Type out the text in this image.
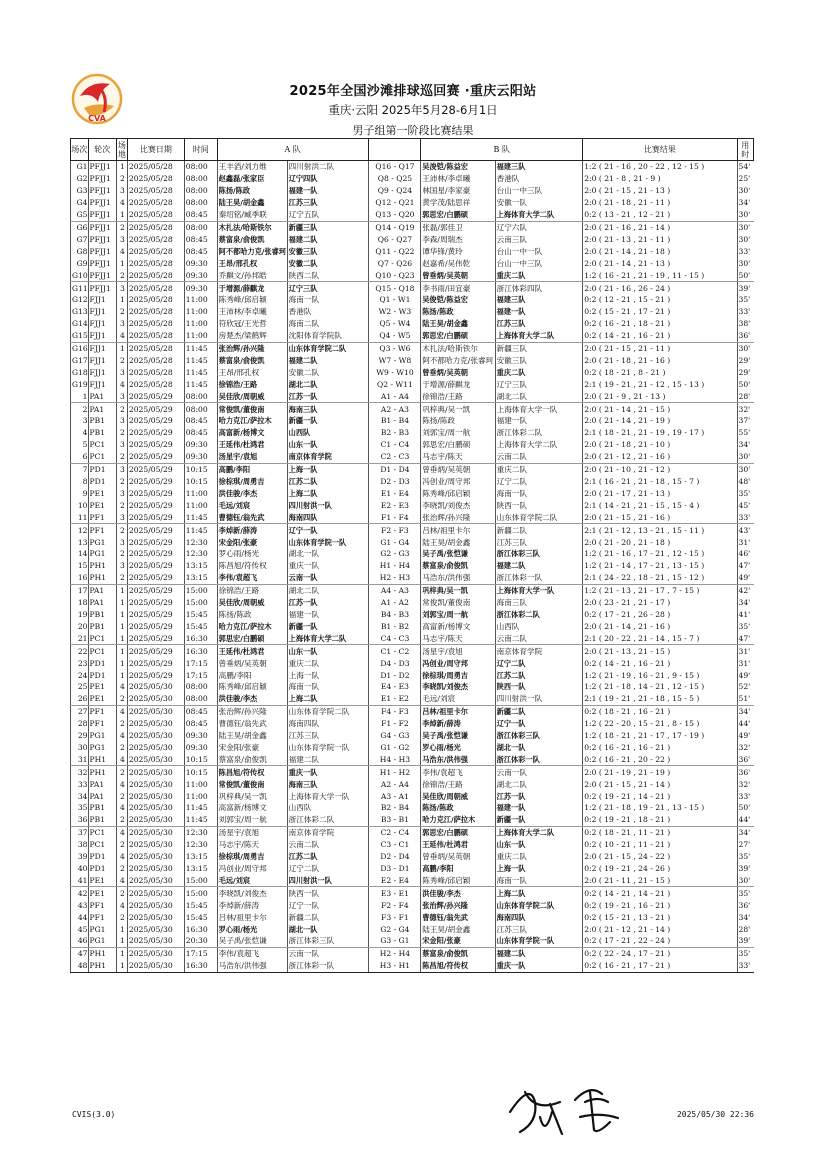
CVA
2025年全国沙滩排球巡回赛 ·重庆云阳站
重庆·云阳 2025年5月28-6月1日
男子组第一阶段比赛结果
场次	轮次	场地	比赛日期	时间	A 队			B 队		比赛结果	用时
G1	PFJJ1	1	2025/05/28	08:00	王丰滔/刘力维	四川射洪二队	Q16 - Q17	吴浚铠/陈益宏	福建三队	1:2 ( 21 - 16 , 20 - 22 , 12 - 15 )	54'
G2	PFJJ1	2	2025/05/28	08:00	赵鑫磊/张家臣	辽宁四队	Q8 - Q25	王沛林/李卓曦	香港队	2:0 ( 21 - 8 , 21 - 9 )	25'
G3	PFJJ1	3	2025/05/28	08:00	陈扬/陈政	福建一队	Q9 - Q24	林国星/李家豪	台山一中三队	2:0 ( 21 - 15 , 21 - 13 )	30'
G4	PFJJ1	4	2025/05/28	08:00	陆王昊/胡金鑫	江苏三队	Q12 - Q21	黄学茂/陆思祥	安徽一队	2:0 ( 21 - 18 , 21 - 11 )	34'
G5	PFJJ1	1	2025/05/28	08:45	秦绍铭/臧季联	辽宁五队	Q13 - Q20	郭思宏/白鹏硕	上海体育大学二队	0:2 ( 13 - 21 , 12 - 21 )	30'
G6	PFJJ1	2	2025/05/28	08:00	木扎法/哈斯铁尔	新疆三队	Q14 - Q19	张磊/郭佳卫	辽宁六队	2:0 ( 21 - 16 , 21 - 14 )	30'
G7	PFJJ1	3	2025/05/28	08:45	蔡富泉/俞俊凯	福建二队	Q6 - Q27	李森/周瑞杰	云南三队	2:0 ( 21 - 13 , 21 - 11 )	30'
G8	PFJJ1	4	2025/05/28	08:45	阿不都哈力克/张睿珂	安徽三队	Q11 - Q22	谭华锋/黄玲	台山一中一队	2:0 ( 21 - 14 , 21 - 18 )	33'
G9	PFJJ1	1	2025/05/28	09:30	王昂/邢孔权	安徽二队	Q7 - Q26	赵嘉希/吴伟乾	台山一中三队	2:0 ( 21 - 14 , 21 - 13 )	30'
G10	PFJJ1	2	2025/05/28	09:30	乔麒文/孙邦皓	陕西二队	Q10 - Q23	曾垂炳/吴英朝	重庆二队	1:2 ( 16 - 21 , 21 - 19 , 11 - 15 )	50'
G11	PFJJ1	3	2025/05/28	09:30	于增源/薛麒龙	辽宁三队	Q15 - Q18	李书雨/田宜豪	浙江体彩四队	2:0 ( 21 - 16 , 26 - 24 )	39'
G12	FJJ1	1	2025/05/28	11:00	陈秀峰/邱启颖	海南一队	Q1 - W1	吴俊铠/陈益宏	福建三队	0:2 ( 12 - 21 , 15 - 21 )	35'
G13	FJJ1	2	2025/05/28	11:00	王沛林/李卓曦	香港队	W2 - W3	陈扬/陈政	福建一队	0:2 ( 15 - 21 , 17 - 21 )	33'
G14	FJJ1	3	2025/05/28	11:00	符欣冠/王光哲	海南二队	Q5 - W4	陆王昊/胡金鑫	江苏三队	0:2 ( 16 - 21 , 18 - 21 )	38'
G15	FJJ1	4	2025/05/28	11:00	房楚杰/梁鹤辉	沈阳体育学院队	Q4 - W5	郭思宏/白鹏硕	上海体育大学二队	0:2 ( 14 - 21 , 16 - 21 )	36'
G16	FJJ1	1	2025/05/28	11:45	张治辉/孙兴隆	山东体育学院二队	Q3 - W6	木扎法/哈斯铁尔	新疆三队	2:0 ( 21 - 15 , 21 - 11 )	30'
G17	FJJ1	2	2025/05/28	11:45	蔡富泉/俞俊凯	福建二队	W7 - W8	阿不都哈力克/张睿珂	安徽三队	2:0 ( 21 - 18 , 21 - 16 )	29'
G18	FJJ1	3	2025/05/28	11:45	王昂/邢孔权	安徽二队	W9 - W10	曾垂炳/吴英朝	重庆二队	0:2 ( 18 - 21 , 8 - 21 )	29'
G19	FJJ1	4	2025/05/28	11:45	徐锦浩/王路	湖北二队	Q2 - W11	于增源/薛麒龙	辽宁三队	2:1 ( 19 - 21 , 21 - 12 , 15 - 13 )	50'
1	PA1	3	2025/05/29	08:00	吴佳欣/周朝威	江苏一队	A1 - A4	徐锦浩/王路	湖北二队	2:0 ( 21 - 9 , 21 - 13 )	28'
2	PA1	2	2025/05/29	08:00	常俊凯/董俊南	海南三队	A2 - A3	巩梓典/吴一凯	上海体育大学一队	2:0 ( 21 - 14 , 21 - 15 )	32'
3	PB1	3	2025/05/29	08:45	哈力克江/萨拉木	新疆一队	B1 - B4	陈扬/陈政	福建一队	2:0 ( 21 - 14 , 21 - 19 )	37'
4	PB1	2	2025/05/29	08:45	高富新/杨博文	山西队	B2 - B3	刘郭宝/周一航	浙江体彩二队	2:1 ( 18 - 21 , 21 - 19 , 19 - 17 )	55'
5	PC1	3	2025/05/29	09:30	王延伟/杜鸿君	山东一队	C1 - C4	郭思宏/白鹏硕	上海体育大学二队	2:0 ( 21 - 18 , 21 - 10 )	34'
6	PC1	2	2025/05/29	09:30	汤星宇/袁旭	南京体育学院	C2 - C3	马志宇/陈天	云南二队	2:0 ( 21 - 12 , 21 - 16 )	30'
7	PD1	3	2025/05/29	10:15	高鹏/李阳	上海一队	D1 - D4	曾垂炳/吴英朝	重庆二队	2:0 ( 21 - 10 , 21 - 12 )	30'
8	PD1	2	2025/05/29	10:15	徐棕琪/周勇吉	江苏二队	D2 - D3	冯创业/周守邦	辽宁二队	2:1 ( 16 - 21 , 21 - 18 , 15 - 7 )	48'
9	PE1	3	2025/05/29	11:00	洪佳骏/李杰	上海二队	E1 - E4	陈秀峰/邱启颖	海南一队	2:0 ( 21 - 17 , 21 - 13 )	35'
10	PE1	2	2025/05/29	11:00	毛远/刘宸	四川射洪一队	E2 - E3	李晓凯/刘俊杰	陕西一队	2:1 ( 14 - 21 , 21 - 15 , 15 - 4 )	45'
11	PF1	3	2025/05/29	11:45	曹德钰/翁先武	海南四队	F1 - F4	张治辉/孙兴隆	山东体育学院二队	2:0 ( 21 - 15 , 21 - 16 )	33'
12	PF1	2	2025/05/29	11:45	李焯新/薛涛	辽宁一队	F2 - F3	吕林/祖里卡尔	新疆二队	2:1 ( 21 - 12 , 13 - 21 , 15 - 11 )	43'
13	PG1	3	2025/05/29	12:30	宋金阳/张豪	山东体育学院一队	G1 - G4	陆王昊/胡金鑫	江苏三队	2:0 ( 21 - 20 , 21 - 18 )	31'
14	PG1	2	2025/05/29	12:30	罗心雨/杨光	湖北一队	G2 - G3	吴子禹/张恺谦	浙江体彩三队	1:2 ( 21 - 16 , 17 - 21 , 12 - 15 )	46'
15	PH1	3	2025/05/29	13:15	陈昌旭/符传权	重庆一队	H1 - H4	蔡富泉/俞俊凯	福建二队	1:2 ( 21 - 14 , 17 - 21 , 13 - 15 )	47'
16	PH1	2	2025/05/29	13:15	李伟/袁超飞	云南一队	H2 - H3	马浩东/洪伟强	浙江体彩一队	2:1 ( 24 - 22 , 18 - 21 , 15 - 12 )	49'
17	PA1	1	2025/05/29	15:00	徐锦浩/王路	湖北二队	A4 - A3	巩梓典/吴一凯	上海体育大学一队	1:2 ( 21 - 13 , 21 - 17 , 7 - 15 )	42'
18	PA1	1	2025/05/29	15:00	吴佳欣/周朝威	江苏一队	A1 - A2	常俊凯/董俊南	海南三队	2:0 ( 23 - 21 , 21 - 17 )	34'
19	PB1	1	2025/05/29	15:45	陈扬/陈政	福建一队	B4 - B3	刘郭宝/周一航	浙江体彩二队	0:2 ( 17 - 21 , 26 - 28 )	41'
20	PB1	1	2025/05/29	15:45	哈力克江/萨拉木	新疆一队	B1 - B2	高富新/杨博文	山西队	2:0 ( 21 - 14 , 21 - 16 )	35'
21	PC1	1	2025/05/29	16:30	郭思宏/白鹏硕	上海体育大学二队	C4 - C3	马志宇/陈天	云南二队	2:1 ( 20 - 22 , 21 - 14 , 15 - 7 )	47'
22	PC1	1	2025/05/29	16:30	王延伟/杜鸿君	山东一队	C1 - C2	汤星宇/袁旭	南京体育学院	2:0 ( 21 - 13 , 21 - 15 )	31'
23	PD1	1	2025/05/29	17:15	曾垂炳/吴英朝	重庆二队	D4 - D3	冯创业/周守邦	辽宁二队	0:2 ( 14 - 21 , 16 - 21 )	31'
24	PD1	1	2025/05/29	17:15	高鹏/李阳	上海一队	D1 - D2	徐棕琪/周勇吉	江苏二队	1:2 ( 21 - 19 , 16 - 21 , 9 - 15 )	49'
25	PE1	4	2025/05/30	08:00	陈秀峰/邱启颖	海南一队	E4 - E3	李晓凯/刘俊杰	陕西一队	1:2 ( 21 - 18 , 14 - 21 , 12 - 15 )	52'
26	PE1	2	2025/05/30	08:00	洪佳骏/李杰	上海二队	E1 - E2	毛远/刘宸	四川射洪一队	2:1 ( 19 - 21 , 21 - 18 , 15 - 5 )	51'
27	PF1	4	2025/05/30	08:45	张治辉/孙兴隆	山东体育学院二队	F4 - F3	吕林/祖里卡尔	新疆二队	0:2 ( 18 - 21 , 16 - 21 )	34'
28	PF1	2	2025/05/30	08:45	曹德钰/翁先武	海南四队	F1 - F2	李焯新/薛涛	辽宁一队	1:2 ( 22 - 20 , 15 - 21 , 8 - 15 )	44'
29	PG1	4	2025/05/30	09:30	陆王昊/胡金鑫	江苏三队	G4 - G3	吴子禹/张恺谦	浙江体彩三队	1:2 ( 18 - 21 , 21 - 17 , 17 - 19 )	49'
30	PG1	2	2025/05/30	09:30	宋金阳/张豪	山东体育学院一队	G1 - G2	罗心雨/杨光	湖北一队	0:2 ( 16 - 21 , 16 - 21 )	32'
31	PH1	4	2025/05/30	10:15	蔡富泉/俞俊凯	福建二队	H4 - H3	马浩东/洪伟强	浙江体彩一队	0:2 ( 16 - 21 , 20 - 22 )	36'
32	PH1	2	2025/05/30	10:15	陈昌旭/符传权	重庆一队	H1 - H2	李伟/袁超飞	云南一队	2:0 ( 21 - 19 , 21 - 19 )	36'
33	PA1	4	2025/05/30	11:00	常俊凯/董俊南	海南三队	A2 - A4	徐锦浩/王路	湖北二队	2:0 ( 21 - 15 , 21 - 14 )	32'
34	PA1	2	2025/05/30	11:00	巩梓典/吴一凯	上海体育大学一队	A3 - A1	吴佳欣/周朝威	江苏一队	0:2 ( 19 - 21 , 14 - 21 )	33'
35	PB1	4	2025/05/30	11:45	高富新/杨博文	山西队	B2 - B4	陈扬/陈政	福建一队	1:2 ( 21 - 18 , 19 - 21 , 13 - 15 )	50'
36	PB1	2	2025/05/30	11:45	刘郭宝/周一航	浙江体彩二队	B3 - B1	哈力克江/萨拉木	新疆一队	0:2 ( 19 - 21 , 18 - 21 )	44'
37	PC1	4	2025/05/30	12:30	汤星宇/袁旭	南京体育学院	C2 - C4	郭思宏/白鹏硕	上海体育大学二队	0:2 ( 18 - 21 , 11 - 21 )	34'
38	PC1	2	2025/05/30	12:30	马志宇/陈天	云南二队	C3 - C1	王延伟/杜鸿君	山东一队	0:2 ( 10 - 21 , 11 - 21 )	27'
39	PD1	4	2025/05/30	13:15	徐棕琪/周勇吉	江苏二队	D2 - D4	曾垂炳/吴英朝	重庆二队	2:0 ( 21 - 15 , 24 - 22 )	35'
40	PD1	2	2025/05/30	13:15	冯创业/周守邦	辽宁二队	D3 - D1	高鹏/李阳	上海一队	0:2 ( 19 - 21 , 24 - 26 )	39'
41	PE1	4	2025/05/30	15:00	毛远/刘宸	四川射洪一队	E2 - E4	陈秀峰/邱启颖	海南一队	2:0 ( 21 - 11 , 21 - 15 )	30'
42	PE1	2	2025/05/30	15:00	李晓凯/刘俊杰	陕西一队	E3 - E1	洪佳骏/李杰	上海二队	0:2 ( 14 - 21 , 14 - 21 )	35'
43	PF1	4	2025/05/30	15:45	李焯新/薛涛	辽宁一队	F2 - F4	张治辉/孙兴隆	山东体育学院二队	0:2 ( 19 - 21 , 16 - 21 )	36'
44	PF1	2	2025/05/30	15:45	吕林/祖里卡尔	新疆二队	F3 - F1	曹德钰/翁先武	海南四队	0:2 ( 15 - 21 , 13 - 21 )	34'
45	PG1	1	2025/05/30	16:30	罗心雨/杨光	湖北一队	G2 - G4	陆王昊/胡金鑫	江苏三队	2:0 ( 21 - 12 , 21 - 14 )	28'
46	PG1	1	2025/05/30	20:30	吴子禹/张恺谦	浙江体彩三队	G3 - G1	宋金阳/张豪	山东体育学院一队	0:2 ( 17 - 21 , 22 - 24 )	39'
47	PH1	1	2025/05/30	17:15	李伟/袁超飞	云南一队	H2 - H4	蔡富泉/俞俊凯	福建二队	0:2 ( 22 - 24 , 17 - 21 )	35'
48	PH1	1	2025/05/30	16:30	马浩东/洪伟强	浙江体彩一队	H3 - H1	陈昌旭/符传权	重庆一队	0:2 ( 16 - 21 , 17 - 21 )	33'
CVIS(3.0)	2025/05/30 22:36
